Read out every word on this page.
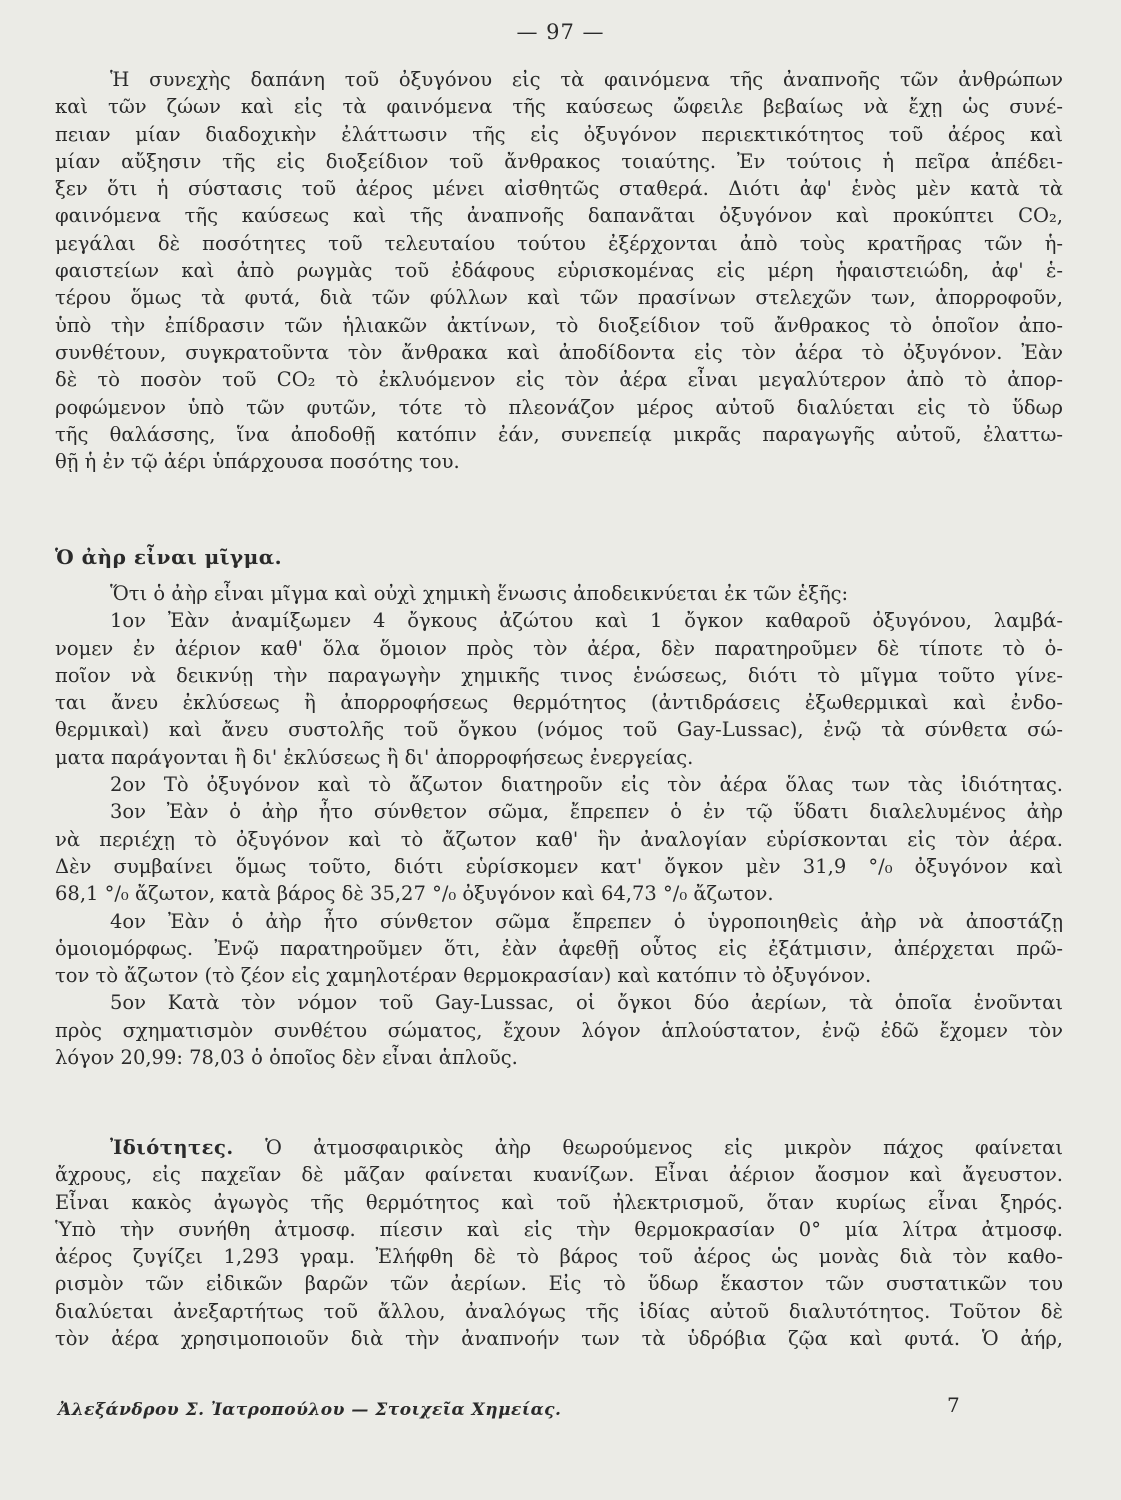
— 97 —
Ἡ συνεχὴς δαπάνη τοῦ ὀξυγόνου εἰς τὰ φαινόμενα τῆς ἀναπνοῆς τῶν ἀνθρώπων
καὶ τῶν ζώων καὶ εἰς τὰ φαινόμενα τῆς καύσεως ὤφειλε βεβαίως νὰ ἔχῃ ὡς συνέ-
πειαν μίαν διαδοχικὴν ἐλάττωσιν τῆς εἰς ὀξυγόνον περιεκτικότητος τοῦ ἀέρος καὶ
μίαν αὔξησιν τῆς εἰς διοξείδιον τοῦ ἄνθρακος τοιαύτης. Ἐν τούτοις ἡ πεῖρα ἀπέδει-
ξεν ὅτι ἡ σύστασις τοῦ ἀέρος μένει αἰσθητῶς σταθερά. Διότι ἀφ' ἑνὸς μὲν κατὰ τὰ
φαινόμενα τῆς καύσεως καὶ τῆς ἀναπνοῆς δαπανᾶται ὀξυγόνον καὶ προκύπτει CO₂,
μεγάλαι δὲ ποσότητες τοῦ τελευταίου τούτου ἐξέρχονται ἀπὸ τοὺς κρατῆρας τῶν ἡ-
φαιστείων καὶ ἀπὸ ρωγμὰς τοῦ ἐδάφους εὑρισκομένας εἰς μέρη ἡφαιστειώδη, ἀφ' ἑ-
τέρου ὅμως τὰ φυτά, διὰ τῶν φύλλων καὶ τῶν πρασίνων στελεχῶν των, ἀπορροφοῦν,
ὑπὸ τὴν ἐπίδρασιν τῶν ἡλιακῶν ἀκτίνων, τὸ διοξείδιον τοῦ ἄνθρακος τὸ ὁποῖον ἀπο-
συνθέτουν, συγκρατοῦντα τὸν ἄνθρακα καὶ ἀποδίδοντα εἰς τὸν ἀέρα τὸ ὀξυγόνον. Ἐὰν
δὲ τὸ ποσὸν τοῦ CO₂ τὸ ἐκλυόμενον εἰς τὸν ἀέρα εἶναι μεγαλύτερον ἀπὸ τὸ ἀπορ-
ροφώμενον ὑπὸ τῶν φυτῶν, τότε τὸ πλεονάζον μέρος αὐτοῦ διαλύεται εἰς τὸ ὕδωρ
τῆς θαλάσσης, ἵνα ἀποδοθῇ κατόπιν ἐάν, συνεπείᾳ μικρᾶς παραγωγῆς αὐτοῦ, ἐλαττω-
θῇ ἡ ἐν τῷ ἀέρι ὑπάρχουσα ποσότης του.
Ὁ ἀὴρ εἶναι μῖγμα.
Ὅτι ὁ ἀὴρ εἶναι μῖγμα καὶ οὐχὶ χημικὴ ἕνωσις ἀποδεικνύεται ἐκ τῶν ἑξῆς:
1ον Ἐὰν ἀναμίξωμεν 4 ὄγκους ἀζώτου καὶ 1 ὄγκον καθαροῦ ὀξυγόνου, λαμβά-
νομεν ἐν ἀέριον καθ' ὅλα ὅμοιον πρὸς τὸν ἀέρα, δὲν παρατηροῦμεν δὲ τίποτε τὸ ὁ-
ποῖον νὰ δεικνύῃ τὴν παραγωγὴν χημικῆς τινος ἑνώσεως, διότι τὸ μῖγμα τοῦτο γίνε-
ται ἄνευ ἐκλύσεως ἢ ἀπορροφήσεως θερμότητος (ἀντιδράσεις ἐξωθερμικαὶ καὶ ἐνδο-
θερμικαὶ) καὶ ἄνευ συστολῆς τοῦ ὄγκου (νόμος τοῦ Gay-Lussac), ἐνῷ τὰ σύνθετα σώ-
ματα παράγονται ἢ δι' ἐκλύσεως ἢ δι' ἀπορροφήσεως ἐνεργείας.
2ον Τὸ ὀξυγόνον καὶ τὸ ἄζωτον διατηροῦν εἰς τὸν ἀέρα ὅλας των τὰς ἰδιότητας.
3ον Ἐὰν ὁ ἀὴρ ἦτο σύνθετον σῶμα, ἔπρεπεν ὁ ἐν τῷ ὕδατι διαλελυμένος ἀὴρ
νὰ περιέχῃ τὸ ὀξυγόνον καὶ τὸ ἄζωτον καθ' ἣν ἀναλογίαν εὑρίσκονται εἰς τὸν ἀέρα.
Δὲν συμβαίνει ὅμως τοῦτο, διότι εὑρίσκομεν κατ' ὄγκον μὲν 31,9 °/₀ ὀξυγόνον καὶ
68,1 °/₀ ἄζωτον, κατὰ βάρος δὲ 35,27 °/₀ ὀξυγόνον καὶ 64,73 °/₀ ἄζωτον.
4ον Ἐὰν ὁ ἀὴρ ἦτο σύνθετον σῶμα ἔπρεπεν ὁ ὑγροποιηθεὶς ἀὴρ νὰ ἀποστάζῃ
ὁμοιομόρφως. Ἐνῷ παρατηροῦμεν ὅτι, ἐὰν ἀφεθῇ οὗτος εἰς ἐξάτμισιν, ἀπέρχεται πρῶ-
τον τὸ ἄζωτον (τὸ ζέον εἰς χαμηλοτέραν θερμοκρασίαν) καὶ κατόπιν τὸ ὀξυγόνον.
5ον Κατὰ τὸν νόμον τοῦ Gay-Lussac, οἱ ὄγκοι δύο ἀερίων, τὰ ὁποῖα ἑνοῦνται
πρὸς σχηματισμὸν συνθέτου σώματος, ἔχουν λόγον ἁπλούστατον, ἐνῷ ἐδῶ ἔχομεν τὸν
λόγον 20,99: 78,03 ὁ ὁποῖος δὲν εἶναι ἁπλοῦς.
Ἰδιότητες. Ὁ ἀτμοσφαιρικὸς ἀὴρ θεωρούμενος εἰς μικρὸν πάχος φαίνεται
ἄχρους, εἰς παχεῖαν δὲ μᾶζαν φαίνεται κυανίζων. Εἶναι ἀέριον ἄοσμον καὶ ἄγευστον.
Εἶναι κακὸς ἀγωγὸς τῆς θερμότητος καὶ τοῦ ἠλεκτρισμοῦ, ὅταν κυρίως εἶναι ξηρός.
Ὑπὸ τὴν συνήθη ἀτμοσφ. πίεσιν καὶ εἰς τὴν θερμοκρασίαν 0° μία λίτρα ἀτμοσφ.
ἀέρος ζυγίζει 1,293 γραμ. Ἐλήφθη δὲ τὸ βάρος τοῦ ἀέρος ὡς μονὰς διὰ τὸν καθο-
ρισμὸν τῶν εἰδικῶν βαρῶν τῶν ἀερίων. Εἰς τὸ ὕδωρ ἕκαστον τῶν συστατικῶν του
διαλύεται ἀνεξαρτήτως τοῦ ἄλλου, ἀναλόγως τῆς ἰδίας αὐτοῦ διαλυτότητος. Τοῦτον δὲ
τὸν ἀέρα χρησιμοποιοῦν διὰ τὴν ἀναπνοήν των τὰ ὑδρόβια ζῷα καὶ φυτά. Ὁ ἀήρ,
Ἀλεξάνδρου Σ. Ἰατροπούλου — Στοιχεῖα Χημείας.	7
